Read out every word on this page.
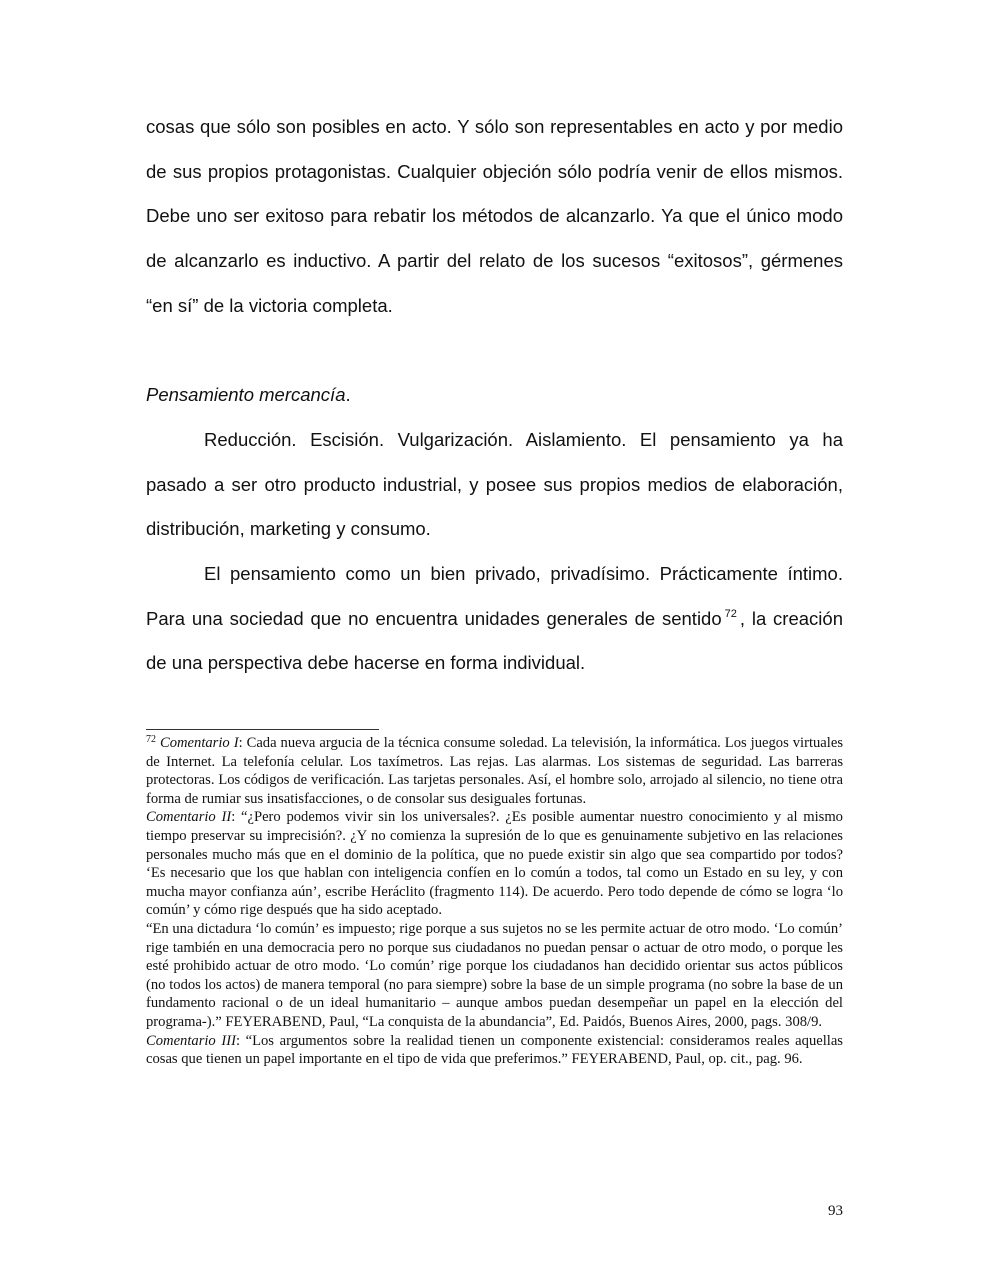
cosas que sólo son posibles en acto. Y sólo son representables en acto y por medio de sus propios protagonistas. Cualquier objeción sólo podría venir de ellos mismos. Debe uno ser exitoso para rebatir los métodos de alcanzarlo. Ya que el único modo de alcanzarlo es inductivo. A partir del relato de los sucesos “exitosos”, gérmenes “en sí” de la victoria completa.

Pensamiento mercancía.

Reducción. Escisión. Vulgarización. Aislamiento. El pensamiento ya ha pasado a ser otro producto industrial, y posee sus propios medios de elaboración, distribución, marketing y consumo.

El pensamiento como un bien privado, privadísimo. Prácticamente íntimo. Para una sociedad que no encuentra unidades generales de sentido $^{72}$ , la creación de una perspectiva debe hacerse en forma individual.

$^{72}$ Comentario I: Cada nueva argucia de la técnica consume soledad. La televisión, la informática. Los juegos virtuales de Internet. La telefonía celular. Los taxímetros. Las rejas. Las alarmas. Los sistemas de seguridad. Las barreras protectoras. Los códigos de verificación. Las tarjetas personales. Así, el hombre solo, arrojado al silencio, no tiene otra forma de rumiar sus insatisfacciones, o de consolar sus desiguales fortunas.

Comentario II: “¿Pero podemos vivir sin los universales?. ¿Es posible aumentar nuestro conocimiento y al mismo tiempo preservar su imprecisión?. ¿Y no comienza la supresión de lo que es genuinamente subjetivo en las relaciones personales mucho más que en el dominio de la política, que no puede existir sin algo que sea compartido por todos? ‘Es necesario que los que hablan con inteligencia confíen en lo común a todos, tal como un Estado en su ley, y con mucha mayor confianza aún’, escribe Heráclito (fragmento 114). De acuerdo. Pero todo depende de cómo se logra ‘lo común’ y cómo rige después que ha sido aceptado.

“En una dictadura ‘lo común’ es impuesto; rige porque a sus sujetos no se les permite actuar de otro modo. ‘Lo común’ rige también en una democracia pero no porque sus ciudadanos no puedan pensar o actuar de otro modo, o porque les esté prohibido actuar de otro modo. ‘Lo común’ rige porque los ciudadanos han decidido orientar sus actos públicos (no todos los actos) de manera temporal (no para siempre) sobre la base de un simple programa (no sobre la base de un fundamento racional o de un ideal humanitario – aunque ambos puedan desempeñar un papel en la elección del programa-).” FEYERABEND, Paul, “La conquista de la abundancia”, Ed. Paidós, Buenos Aires, 2000, pags. 308/9.

Comentario III: “Los argumentos sobre la realidad tienen un componente existencial: consideramos reales aquellas cosas que tienen un papel importante en el tipo de vida que preferimos.” FEYERABEND, Paul, op. cit., pag. 96.

93
